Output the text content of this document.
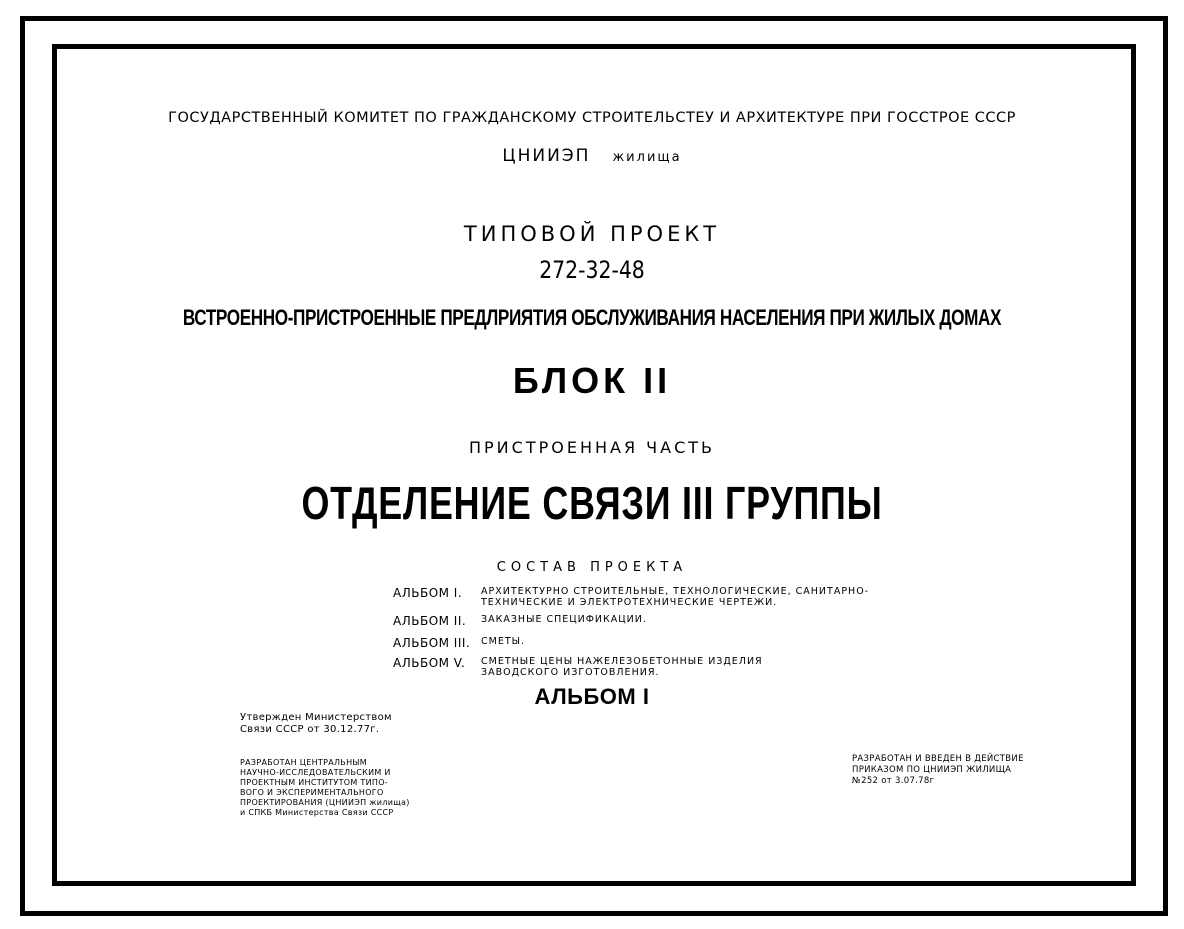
ГОСУДАРСТВЕННЫЙ КОМИТЕТ ПО ГРАЖДАНСКОМУ СТРОИТЕЛЬСТЕУ И АРХИТЕКТУРЕ ПРИ ГОССТРОЕ СССР
ЦНИИЭП жилища
ТИПОВОЙ ПРОЕКТ
272-32-48
ВСТРОЕННО-ПРИСТРОЕННЫЕ ПРЕДЛРИЯТИЯ ОБСЛУЖИВАНИЯ НАСЕЛЕНИЯ ПРИ ЖИЛЫХ ДОМАХ
БЛОК II
ПРИСТРОЕННАЯ ЧАСТЬ
ОТДЕЛЕНИЕ СВЯЗИ III ГРУППЫ
СОСТАВ ПРОЕКТА
АЛЬБОМ I.	АРХИТЕКТУРНО СТРОИТЕЛЬНЫЕ, ТЕХНОЛОГИЧЕСКИЕ, САНИТАРНО-
ТЕХНИЧЕСКИЕ И ЭЛЕКТРОТЕХНИЧЕСКИЕ ЧЕРТЕЖИ.
АЛЬБОМ II.	ЗАКАЗНЫЕ СПЕЦИФИКАЦИИ.
АЛЬБОМ III.	СМЕТЫ.
АЛЬБОМ V.	СМЕТНЫЕ ЦЕНЫ НАЖЕЛЕЗОБЕТОННЫЕ ИЗДЕЛИЯ
ЗАВОДСКОГО ИЗГОТОВЛЕНИЯ.
АЛЬБОМ I
Утвержден Министерством
Связи СССР от 30.12.77г.
РАЗРАБОТАН ЦЕНТРАЛЬНЫМ
НАУЧНО-ИССЛЕДОВАТЕЛЬСКИМ И
ПРОЕКТНЫМ ИНСТИТУТОМ ТИПО-
ВОГО И ЭКСПЕРИМЕНТАЛЬНОГО
ПРОЕКТИРОВАНИЯ (ЦНИИЭП жилища)
и СПКБ Министерства Связи СССР
РАЗРАБОТАН И ВВЕДЕН В ДЕЙСТВИЕ
ПРИКАЗОМ ПО ЦНИИЭП ЖИЛИЩА
№252 от 3.07.78г
